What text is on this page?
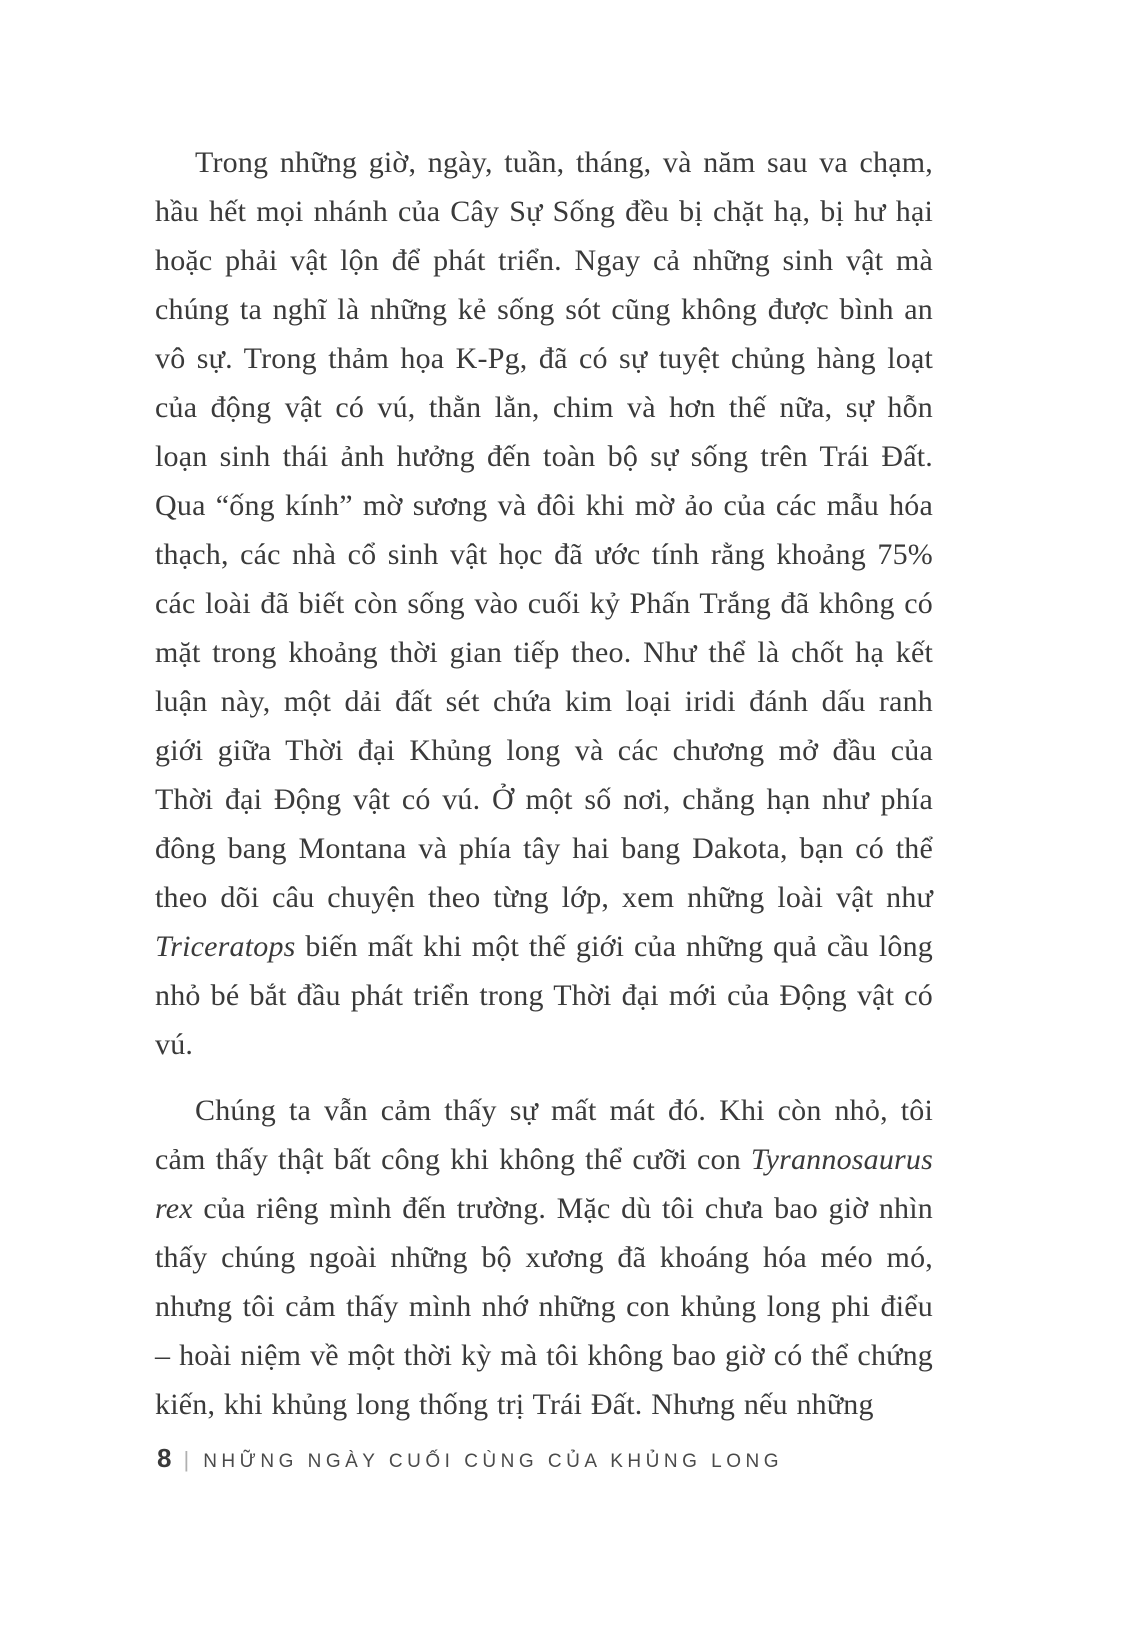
Trong những giờ, ngày, tuần, tháng, và năm sau va chạm, hầu hết mọi nhánh của Cây Sự Sống đều bị chặt hạ, bị hư hại hoặc phải vật lộn để phát triển. Ngay cả những sinh vật mà chúng ta nghĩ là những kẻ sống sót cũng không được bình an vô sự. Trong thảm họa K-Pg, đã có sự tuyệt chủng hàng loạt của động vật có vú, thằn lằn, chim và hơn thế nữa, sự hỗn loạn sinh thái ảnh hưởng đến toàn bộ sự sống trên Trái Đất. Qua “ống kính” mờ sương và đôi khi mờ ảo của các mẫu hóa thạch, các nhà cổ sinh vật học đã ước tính rằng khoảng 75% các loài đã biết còn sống vào cuối kỷ Phấn Trắng đã không có mặt trong khoảng thời gian tiếp theo. Như thể là chốt hạ kết luận này, một dải đất sét chứa kim loại iridi đánh dấu ranh giới giữa Thời đại Khủng long và các chương mở đầu của Thời đại Động vật có vú. Ở một số nơi, chẳng hạn như phía đông bang Montana và phía tây hai bang Dakota, bạn có thể theo dõi câu chuyện theo từng lớp, xem những loài vật như Triceratops biến mất khi một thế giới của những quả cầu lông nhỏ bé bắt đầu phát triển trong Thời đại mới của Động vật có vú.

Chúng ta vẫn cảm thấy sự mất mát đó. Khi còn nhỏ, tôi cảm thấy thật bất công khi không thể cưỡi con Tyrannosaurus rex của riêng mình đến trường. Mặc dù tôi chưa bao giờ nhìn thấy chúng ngoài những bộ xương đã khoáng hóa méo mó, nhưng tôi cảm thấy mình nhớ những con khủng long phi điểu – hoài niệm về một thời kỳ mà tôi không bao giờ có thể chứng kiến, khi khủng long thống trị Trái Đất. Nhưng nếu những

8 | NHỮNG NGÀY CUỐI CÙNG CỦA KHỦNG LONG
